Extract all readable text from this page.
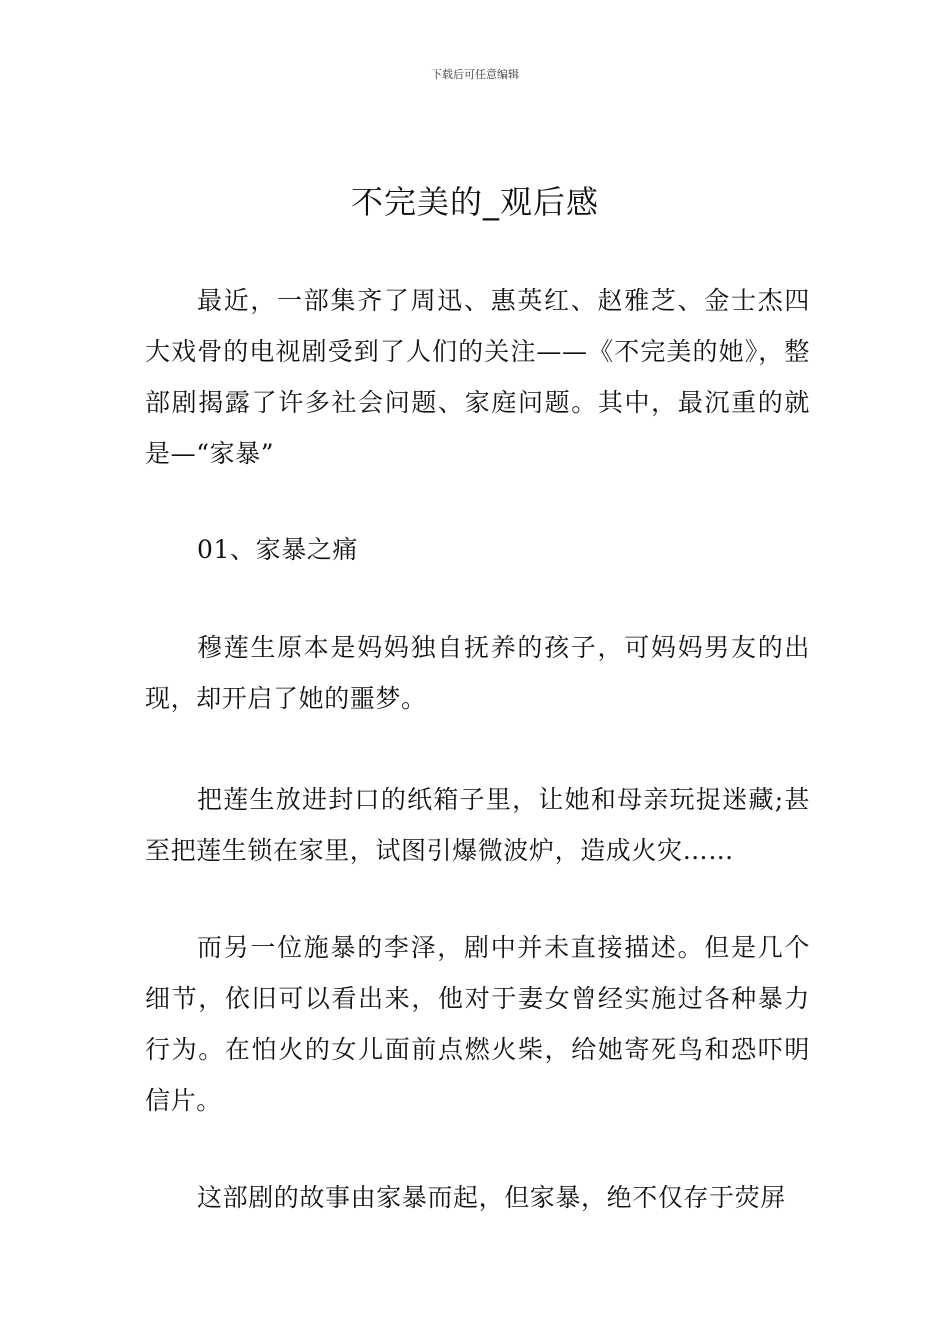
下载后可任意编辑
不完美的_观后感

最近，一部集齐了周迅、惠英红、赵雅芝、金士杰四大戏骨的电视剧受到了人们的关注——《不完美的她》，整部剧揭露了许多社会问题、家庭问题。其中，最沉重的就是—“家暴”

01、家暴之痛

穆莲生原本是妈妈独自抚养的孩子，可妈妈男友的出现，却开启了她的噩梦。

把莲生放进封口的纸箱子里，让她和母亲玩捉迷藏;甚至把莲生锁在家里，试图引爆微波炉，造成火灾……

而另一位施暴的李泽，剧中并未直接描述。但是几个细节，依旧可以看出来，他对于妻女曾经实施过各种暴力行为。在怕火的女儿面前点燃火柴，给她寄死鸟和恐吓明信片。

这部剧的故事由家暴而起，但家暴，绝不仅存于荧屏
